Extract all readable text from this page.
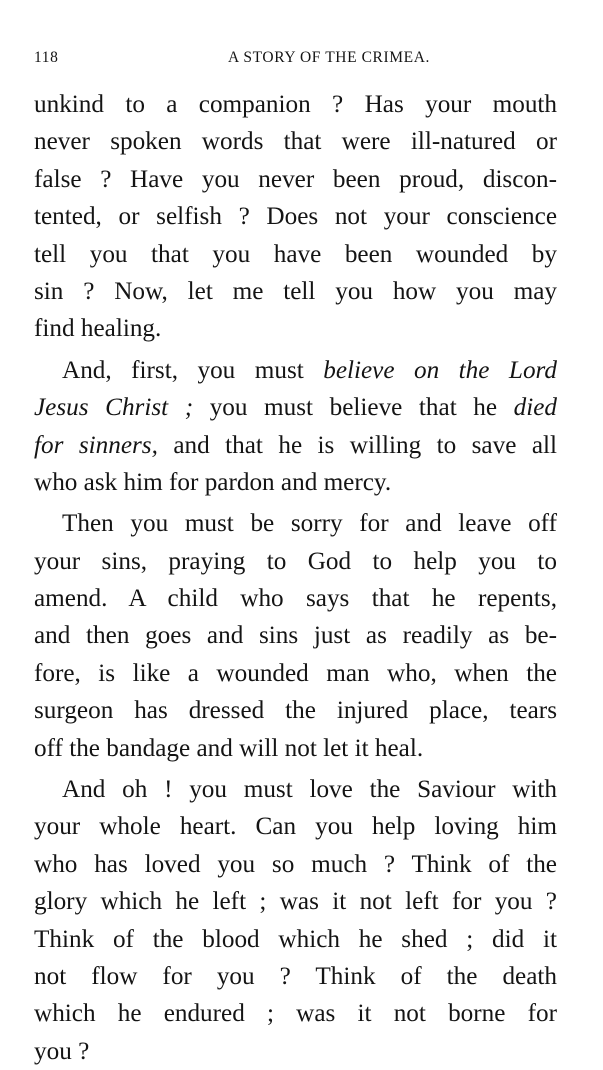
118	A STORY OF THE CRIMEA.
unkind to a companion ? Has your mouth
never spoken words that were ill-natured or
false ? Have you never been proud, discon-
tented, or selfish ? Does not your conscience
tell you that you have been wounded by
sin ? Now, let me tell you how you may
find healing.
And, first, you must believe on the Lord
Jesus Christ ; you must believe that he died
for sinners, and that he is willing to save all
who ask him for pardon and mercy.
Then you must be sorry for and leave off
your sins, praying to God to help you to
amend. A child who says that he repents,
and then goes and sins just as readily as be-
fore, is like a wounded man who, when the
surgeon has dressed the injured place, tears
off the bandage and will not let it heal.
And oh ! you must love the Saviour with
your whole heart. Can you help loving him
who has loved you so much ? Think of the
glory which he left ; was it not left for you ?
Think of the blood which he shed ; did it
not flow for you ? Think of the death
which he endured ; was it not borne for
you ?
